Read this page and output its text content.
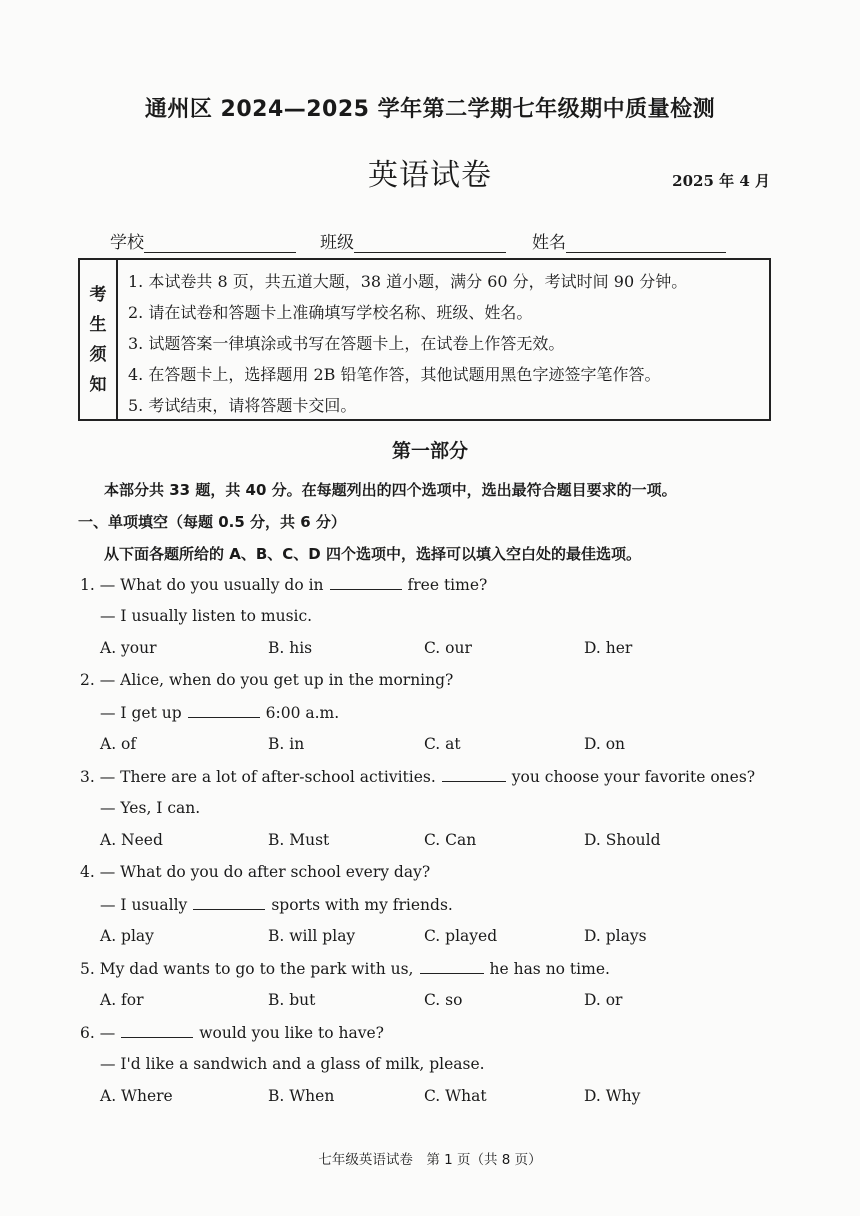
通州区 2024—2025 学年第二学期七年级期中质量检测
英语试卷	2025 年 4 月
学校	班级	姓名
考
生
须
知
1. 本试卷共 8 页，共五道大题，38 道小题，满分 60 分，考试时间 90 分钟。
2. 请在试卷和答题卡上准确填写学校名称、班级、姓名。
3. 试题答案一律填涂或书写在答题卡上，在试卷上作答无效。
4. 在答题卡上，选择题用 2B 铅笔作答，其他试题用黑色字迹签字笔作答。
5. 考试结束，请将答题卡交回。
第一部分
本部分共 33 题，共 40 分。在每题列出的四个选项中，选出最符合题目要求的一项。
一、单项填空（每题 0.5 分，共 6 分）
从下面各题所给的 A、B、C、D 四个选项中，选择可以填入空白处的最佳选项。
1. — What do you usually do in	free time?
— I usually listen to music.
A. your	B. his	C. our	D. her
2. — Alice, when do you get up in the morning?
— I get up	6:00 a.m.
A. of	B. in	C. at	D. on
3. — There are a lot of after-school activities.	you choose your favorite ones?
— Yes, I can.
A. Need	B. Must	C. Can	D. Should
4. — What do you do after school every day?
— I usually	sports with my friends.
A. play	B. will play	C. played	D. plays
5. My dad wants to go to the park with us,	he has no time.
A. for	B. but	C. so	D. or
6. —	would you like to have?
— I'd like a sandwich and a glass of milk, please.
A. Where	B. When	C. What	D. Why
七年级英语试卷　第 1 页（共 8 页）
